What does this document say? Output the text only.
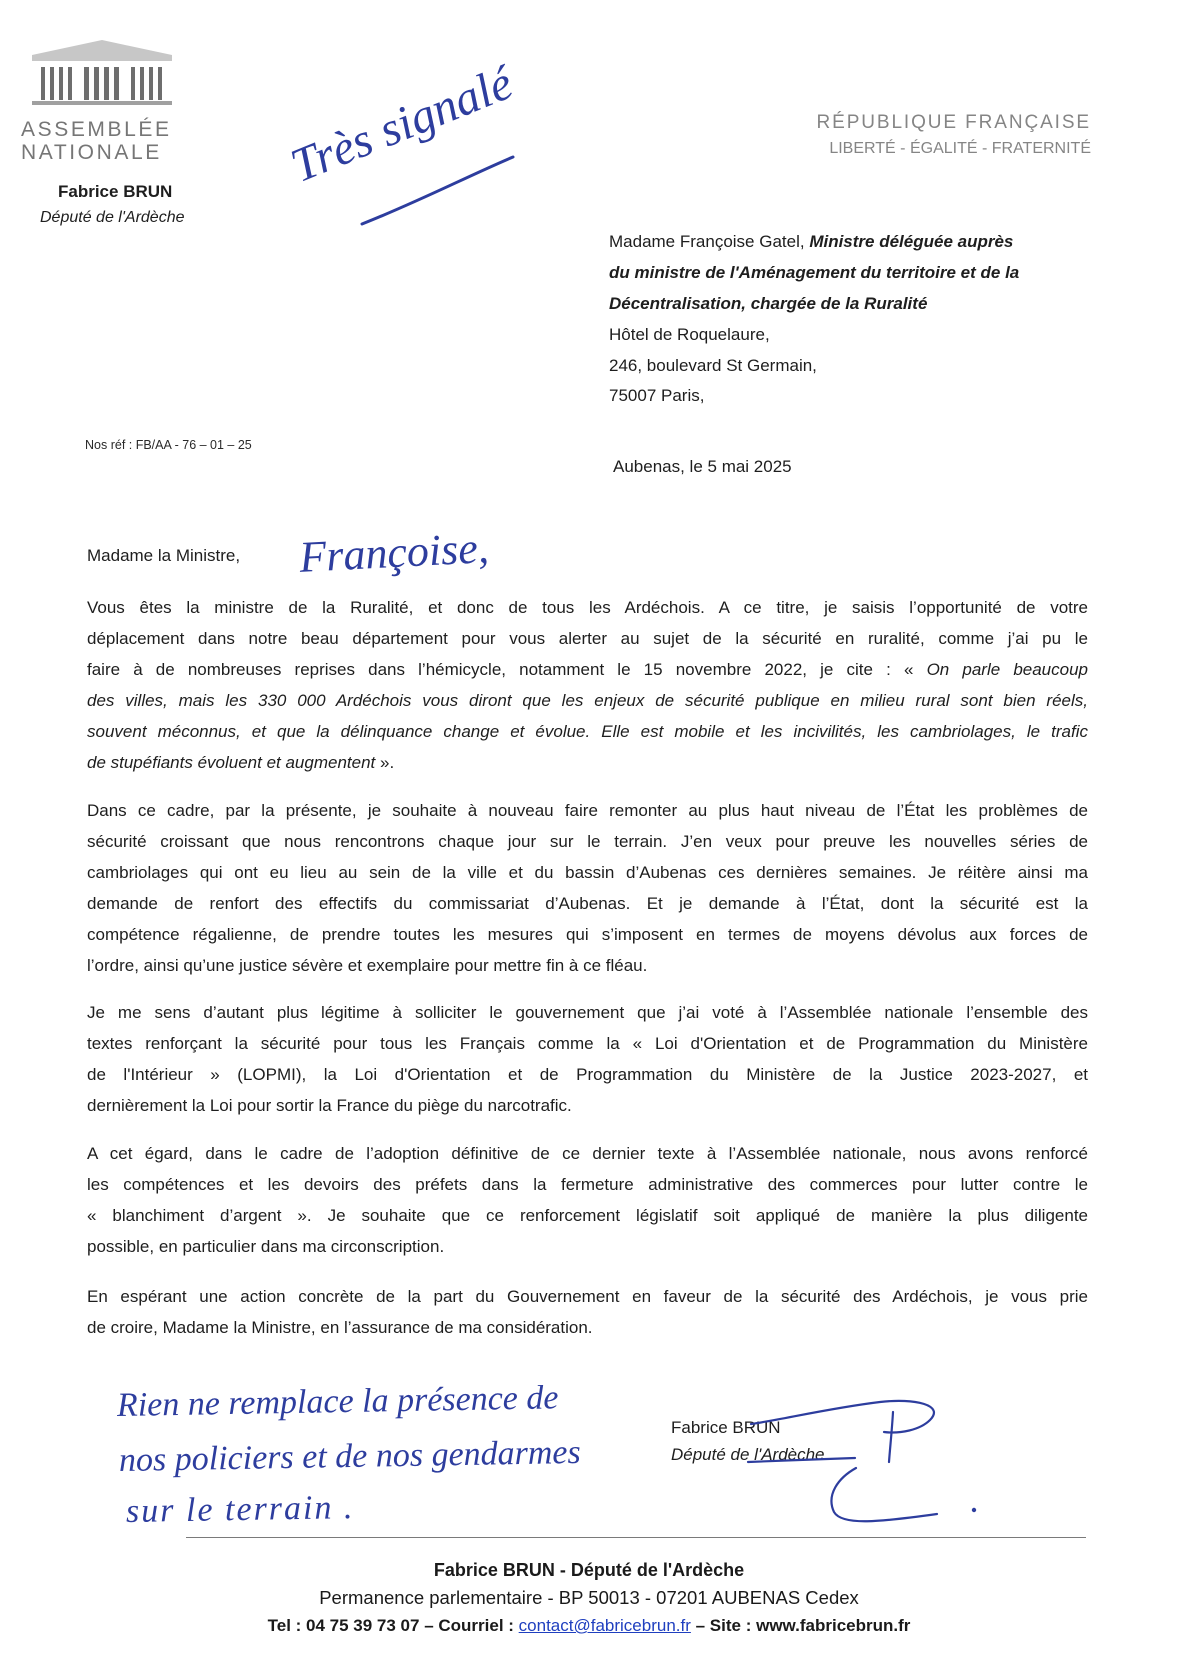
ASSEMBLÉE
NATIONALE
Fabrice BRUN
Député de l'Ardèche
RÉPUBLIQUE FRANÇAISE
LIBERTÉ - ÉGALITÉ - FRATERNITÉ
Très signalé
Madame Françoise Gatel, Ministre déléguée auprès
du ministre de l'Aménagement du territoire et de la
Décentralisation, chargée de la Ruralité
Hôtel de Roquelaure,
246, boulevard St Germain,
75007 Paris,
Nos réf : FB/AA - 76 – 01 – 25
Aubenas, le 5 mai 2025
Madame la Ministre, Françoise,
Vous êtes la ministre de la Ruralité, et donc de tous les Ardéchois. A ce titre, je saisis l’opportunité de votre
déplacement dans notre beau département pour vous alerter au sujet de la sécurité en ruralité, comme j’ai pu le
faire à de nombreuses reprises dans l’hémicycle, notamment le 15 novembre 2022, je cite : « On parle beaucoup
des villes, mais les 330 000 Ardéchois vous diront que les enjeux de sécurité publique en milieu rural sont bien réels,
souvent méconnus, et que la délinquance change et évolue. Elle est mobile et les incivilités, les cambriolages, le trafic
de stupéfiants évoluent et augmentent ».
Dans ce cadre, par la présente, je souhaite à nouveau faire remonter au plus haut niveau de l’État les problèmes de
sécurité croissant que nous rencontrons chaque jour sur le terrain. J’en veux pour preuve les nouvelles séries de
cambriolages qui ont eu lieu au sein de la ville et du bassin d’Aubenas ces dernières semaines. Je réitère ainsi ma
demande de renfort des effectifs du commissariat d’Aubenas. Et je demande à l’État, dont la sécurité est la
compétence régalienne, de prendre toutes les mesures qui s’imposent en termes de moyens dévolus aux forces de
l’ordre, ainsi qu’une justice sévère et exemplaire pour mettre fin à ce fléau.
Je me sens d’autant plus légitime à solliciter le gouvernement que j’ai voté à l’Assemblée nationale l’ensemble des
textes renforçant la sécurité pour tous les Français comme la « Loi d'Orientation et de Programmation du Ministère
de l'Intérieur » (LOPMI), la Loi d'Orientation et de Programmation du Ministère de la Justice 2023-2027, et
dernièrement la Loi pour sortir la France du piège du narcotrafic.
A cet égard, dans le cadre de l’adoption définitive de ce dernier texte à l’Assemblée nationale, nous avons renforcé
les compétences et les devoirs des préfets dans la fermeture administrative des commerces pour lutter contre le
« blanchiment d’argent ». Je souhaite que ce renforcement législatif soit appliqué de manière la plus diligente
possible, en particulier dans ma circonscription.
En espérant une action concrète de la part du Gouvernement en faveur de la sécurité des Ardéchois, je vous prie
de croire, Madame la Ministre, en l’assurance de ma considération.
Rien ne remplace la présence de
nos policiers et de nos gendarmes
sur le terrain .
Fabrice BRUN
Député de l'Ardèche
Fabrice BRUN - Député de l'Ardèche
Permanence parlementaire - BP 50013 - 07201 AUBENAS Cedex
Tel : 04 75 39 73 07 – Courriel : contact@fabricebrun.fr – Site : www.fabricebrun.fr
